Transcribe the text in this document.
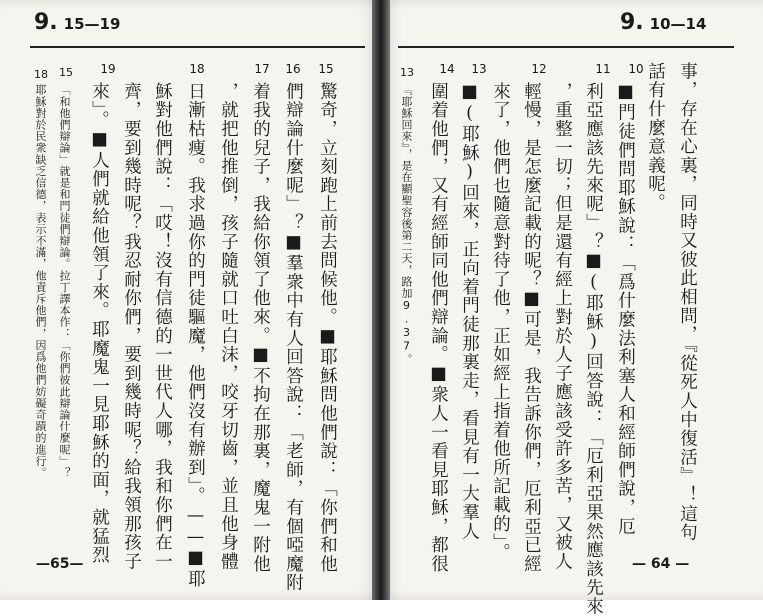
9. 15—19
19	18	17 16 15
驚奇，立刻跑上前去問候他。■耶穌問他們說：「你們和他
們辯論什麼呢」？■羣衆中有人回答說：「老師，有個啞魔附
着我的兒子，我給你領了他來。■不拘在那裏，魔鬼一附他
，就把他推倒，孩子隨就口吐白沫，咬牙切齒，並且他身體
日漸枯痩。我求過你的門徒驅魔，他們沒有辦到」。——■耶
穌對他們說：「哎！沒有信德的一世代人哪，我和你們在一
齊，要到幾時呢？我忍耐你們，要到幾時呢？給我領那孩子
來」。■人們就給他領了來。耶魔鬼一見耶穌的面，就猛烈
15
「和他們辯論」就是和門徒們辯論。拉丁譯本作：「你們彼此辯論什麼呢」？
18
耶穌對於民衆缺乏信德，表示不滿，他責斥他們，因爲他們妨礙奇蹟的進行。
—65—
9. 10—14
10
11
12
13
14	事，存在心裏，同時又彼此相問，『從死人中復活』！這句
話有什麼意義呢。
■門徒們問耶穌說：「爲什麼法利塞人和經師們說，厄
利亞應該先來呢」？■(耶穌)回答說：「厄利亞果然應該先來
，重整一切；但是還有經上對於人子應該受許多苦，又被人
輕慢，是怎麼記載的呢？■可是，我告訴你們，厄利亞已經
來了，他們也隨意對待了他，正如經上指着他所記載的」。
■(耶穌)回來，正向着門徒那裏走，看見有一大羣人
圍着他們，又有經師同他們辯論。■衆人一看見耶穌，都很
13
『耶穌回來』，是在顯聖容後第二天，路加9.37。
— 64 —
